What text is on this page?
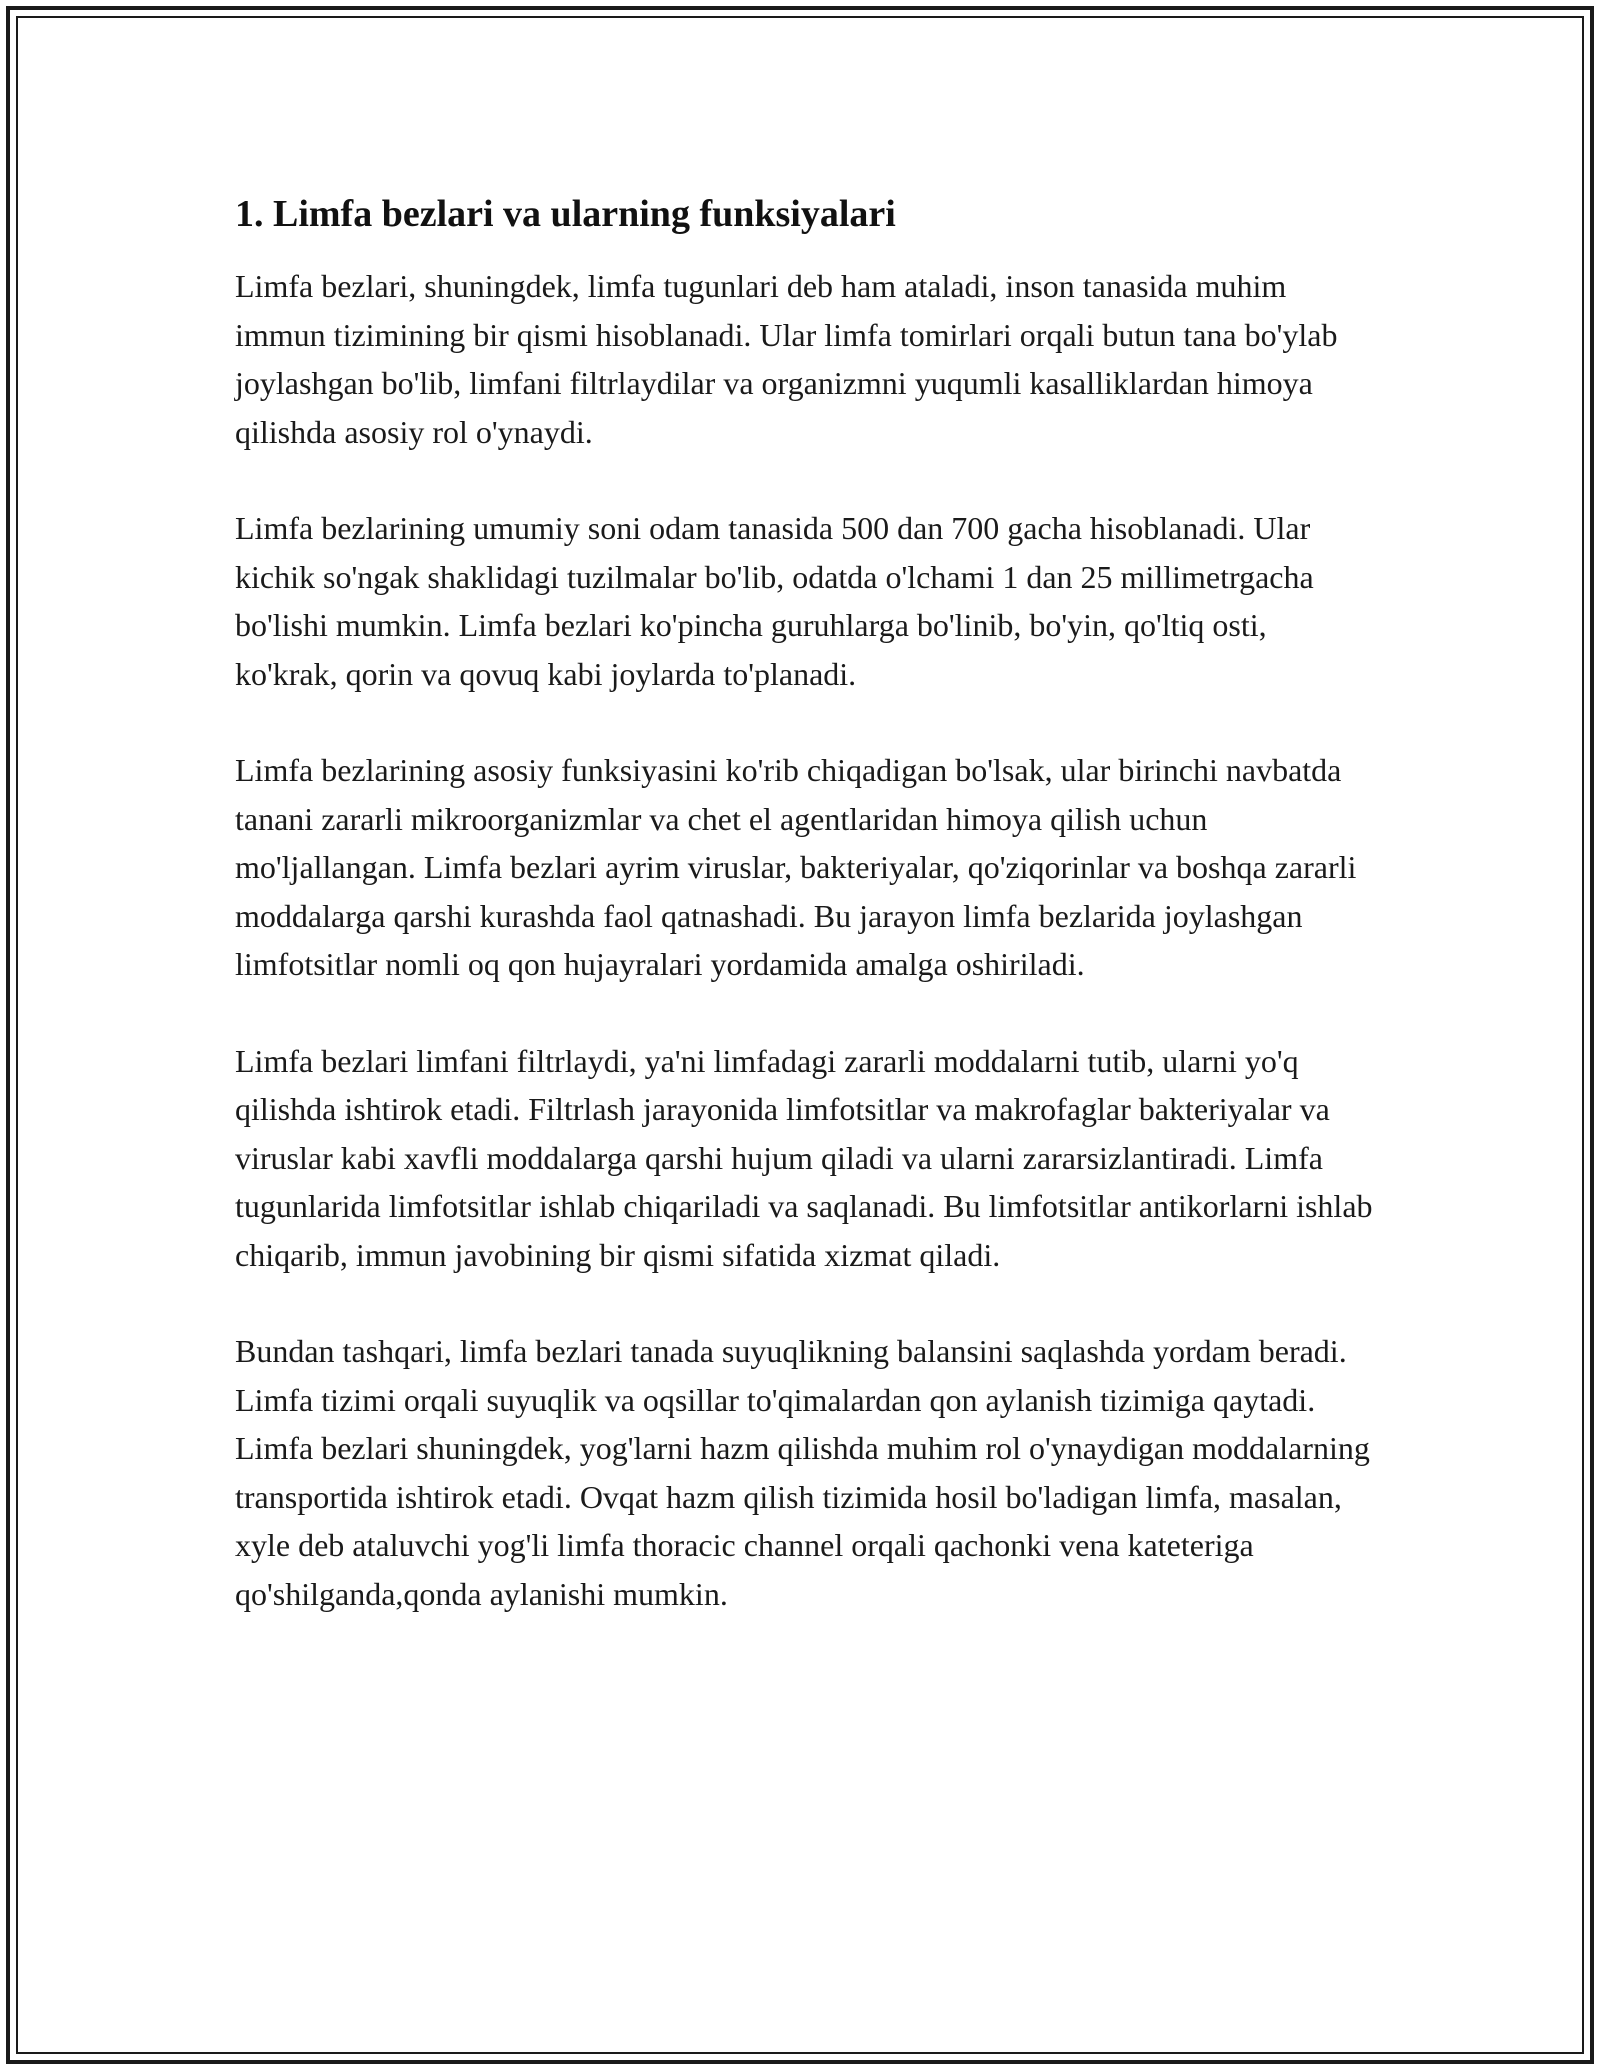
1. Limfa bezlari va ularning funksiyalari

Limfa bezlari, shuningdek, limfa tugunlari deb ham ataladi, inson tanasida muhim immun tizimining bir qismi hisoblanadi. Ular limfa tomirlari orqali butun tana bo'ylab joylashgan bo'lib, limfani filtrlaydilar va organizmni yuqumli kasalliklardan himoya qilishda asosiy rol o'ynaydi.

Limfa bezlarining umumiy soni odam tanasida 500 dan 700 gacha hisoblanadi. Ular kichik so'ngak shaklidagi tuzilmalar bo'lib, odatda o'lchami 1 dan 25 millimetrgacha bo'lishi mumkin. Limfa bezlari ko'pincha guruhlarga bo'linib, bo'yin, qo'ltiq osti, ko'krak, qorin va qovuq kabi joylarda to'planadi.

Limfa bezlarining asosiy funksiyasini ko'rib chiqadigan bo'lsak, ular birinchi navbatda tanani zararli mikroorganizmlar va chet el agentlaridan himoya qilish uchun mo'ljallangan. Limfa bezlari ayrim viruslar, bakteriyalar, qo'ziqorinlar va boshqa zararli moddalarga qarshi kurashda faol qatnashadi. Bu jarayon limfa bezlarida joylashgan limfotsitlar nomli oq qon hujayralari yordamida amalga oshiriladi.

Limfa bezlari limfani filtrlaydi, ya'ni limfadagi zararli moddalarni tutib, ularni yo'q qilishda ishtirok etadi. Filtrlash jarayonida limfotsitlar va makrofaglar bakteriyalar va viruslar kabi xavfli moddalarga qarshi hujum qiladi va ularni zararsizlantiradi. Limfa tugunlarida limfotsitlar ishlab chiqariladi va saqlanadi. Bu limfotsitlar antikorlarni ishlab chiqarib, immun javobining bir qismi sifatida xizmat qiladi.

Bundan tashqari, limfa bezlari tanada suyuqlikning balansini saqlashda yordam beradi. Limfa tizimi orqali suyuqlik va oqsillar to'qimalardan qon aylanish tizimiga qaytadi. Limfa bezlari shuningdek, yog'larni hazm qilishda muhim rol o'ynaydigan moddalarning transportida ishtirok etadi. Ovqat hazm qilish tizimida hosil bo'ladigan limfa, masalan, xyle deb ataluvchi yog'li limfa thoracic channel orqali qachonki vena kateteriga qo'shilganda,qonda aylanishi mumkin.
